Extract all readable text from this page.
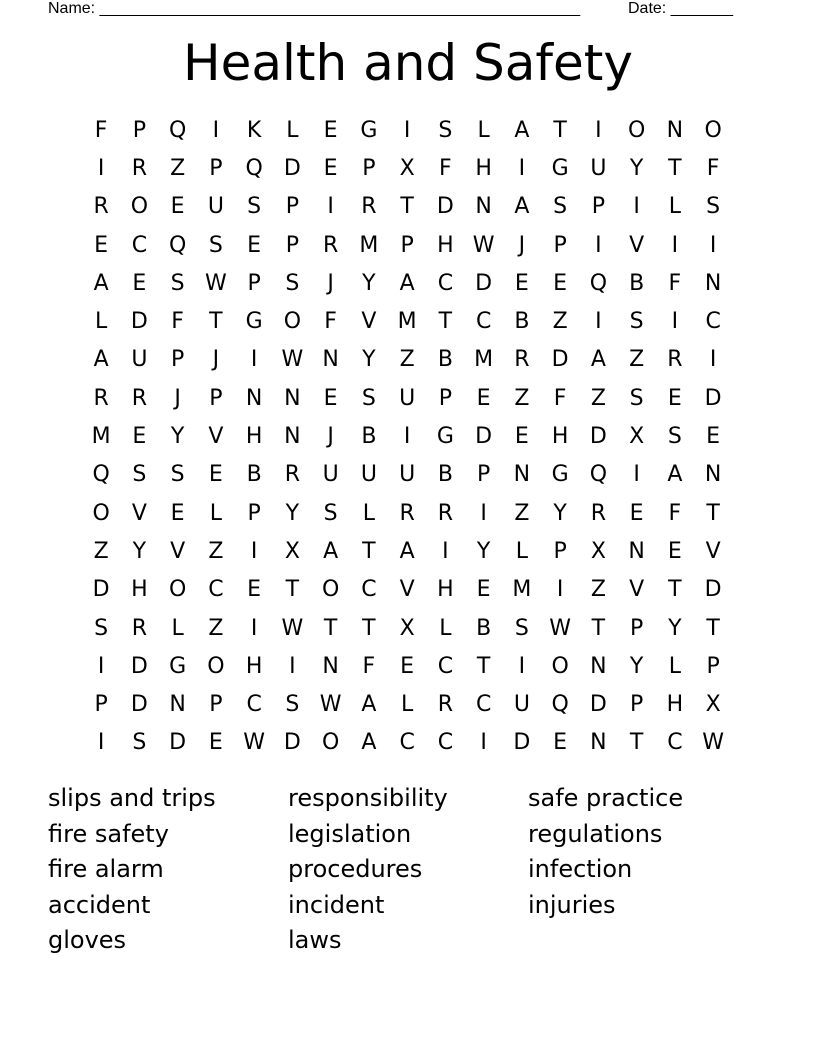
Name: ______________________________________________________	Date: _______
Health and Safety
F	P	Q	I	K	L	E	G	I	S	L	A	T	I	O N O
I	R	Z	P	Q D	E	P	X	F	H	I	G U	Y	T	F
R O	E	U	S	P	I	R	T	D N	A	S	P	I	L	S
E	C Q	S	E	P	R M	P	H W	J	P	I	V	I	I
A	E	S W P	S	J	Y	A	C	D	E	E	Q	B	F	N
L	D	F	T	G O	F	V M	T	C	B	Z	I	S	I	C
A	U	P	J	I	W N	Y	Z	B M R	D	A	Z	R	I
R	R	J	P	N N	E	S	U	P	E	Z	F	Z	S	E	D
M E	Y	V	H N	J	B	I	G D	E	H D	X	S	E
Q	S	S	E	B	R	U	U	U	B	P	N G Q	I	A	N
O	V	E	L	P	Y	S	L	R	R	I	Z	Y	R	E	F	T
Z	Y	V	Z	I	X	A	T	A	I	Y	L	P	X	N	E	V
D H O C	E	T	O C	V	H	E M	I	Z	V	T	D
S	R	L	Z	I	W T	T	X	L	B	S W T	P	Y	T
I	D G O H	I	N	F	E	C	T	I	O N	Y	L	P
P	D N	P	C	S W A	L	R	C	U Q D	P	H	X
I	S	D	E W D O	A	C	C	I	D	E	N	T	C W
slips and trips
fire safety
fire alarm
accident
gloves
responsibility
legislation
procedures
incident
laws
safe practice
regulations
infection
injuries
